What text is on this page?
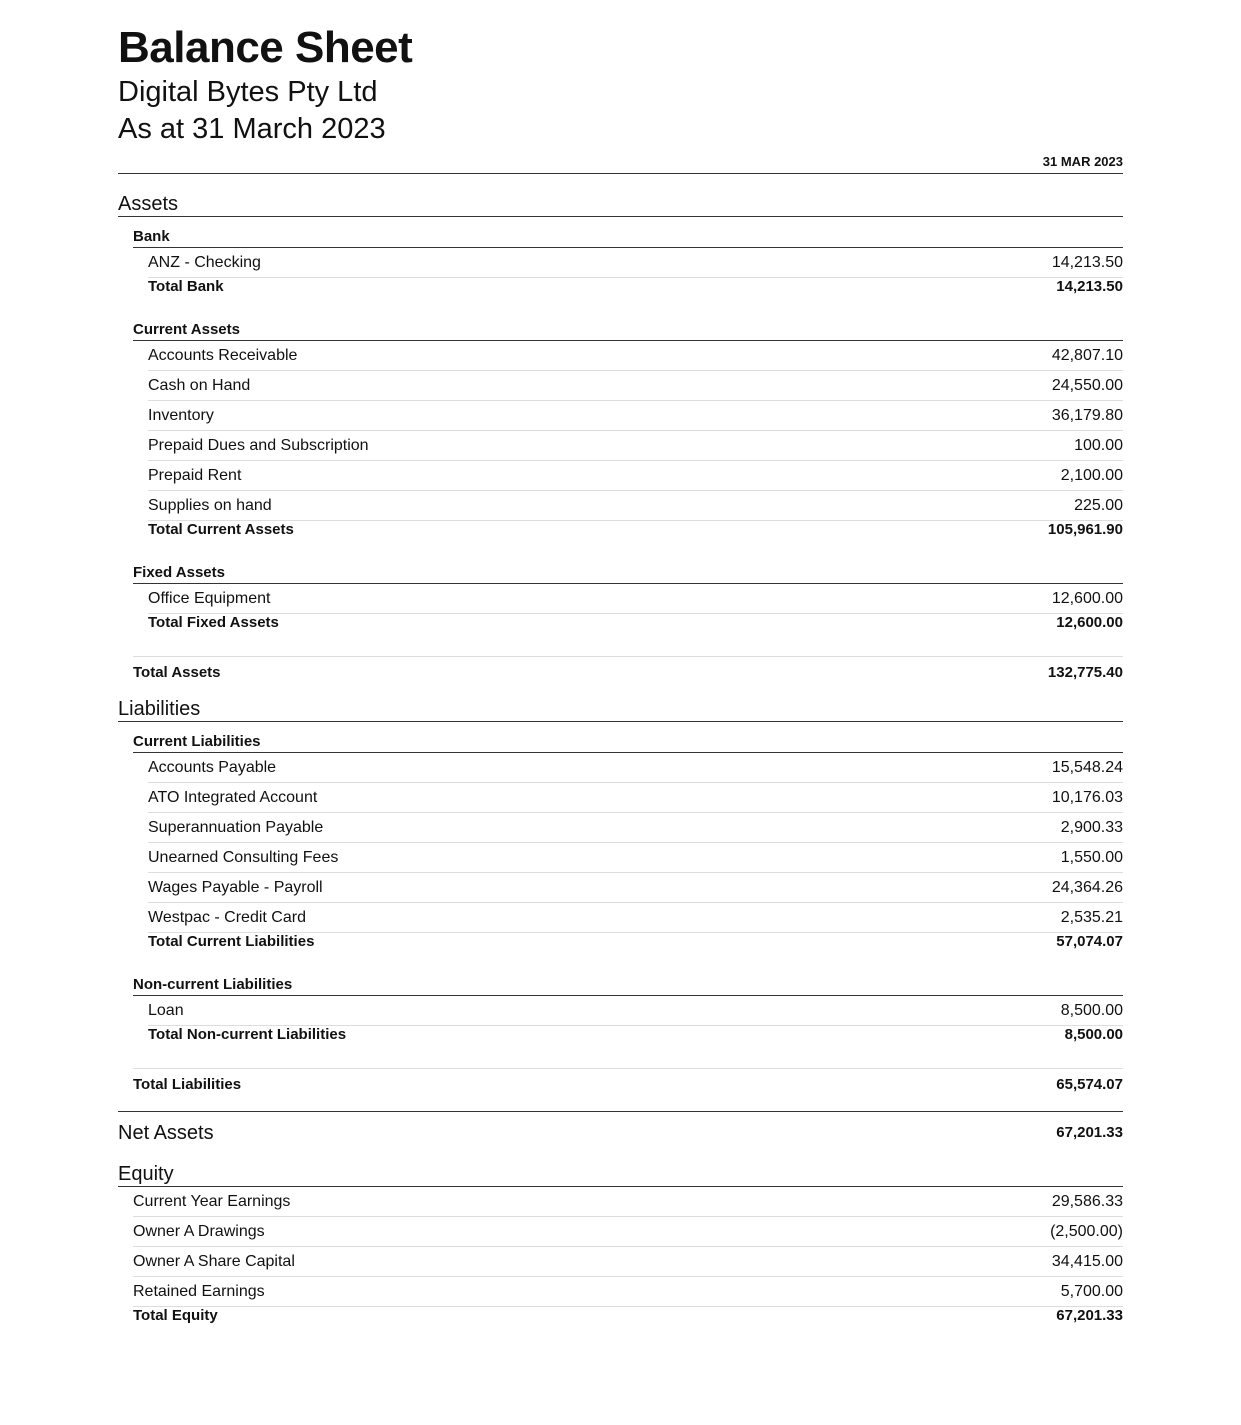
Balance Sheet
Digital Bytes Pty Ltd
As at 31 March 2023
31 MAR 2023
Assets
Bank
ANZ - Checking	14,213.50
Total Bank	14,213.50
Current Assets
Accounts Receivable	42,807.10
Cash on Hand	24,550.00
Inventory	36,179.80
Prepaid Dues and Subscription	100.00
Prepaid Rent	2,100.00
Supplies on hand	225.00
Total Current Assets	105,961.90
Fixed Assets
Office Equipment	12,600.00
Total Fixed Assets	12,600.00
Total Assets	132,775.40
Liabilities
Current Liabilities
Accounts Payable	15,548.24
ATO Integrated Account	10,176.03
Superannuation Payable	2,900.33
Unearned Consulting Fees	1,550.00
Wages Payable - Payroll	24,364.26
Westpac - Credit Card	2,535.21
Total Current Liabilities	57,074.07
Non-current Liabilities
Loan	8,500.00
Total Non-current Liabilities	8,500.00
Total Liabilities	65,574.07
Net Assets	67,201.33
Equity
Current Year Earnings	29,586.33
Owner A Drawings	(2,500.00)
Owner A Share Capital	34,415.00
Retained Earnings	5,700.00
Total Equity	67,201.33
